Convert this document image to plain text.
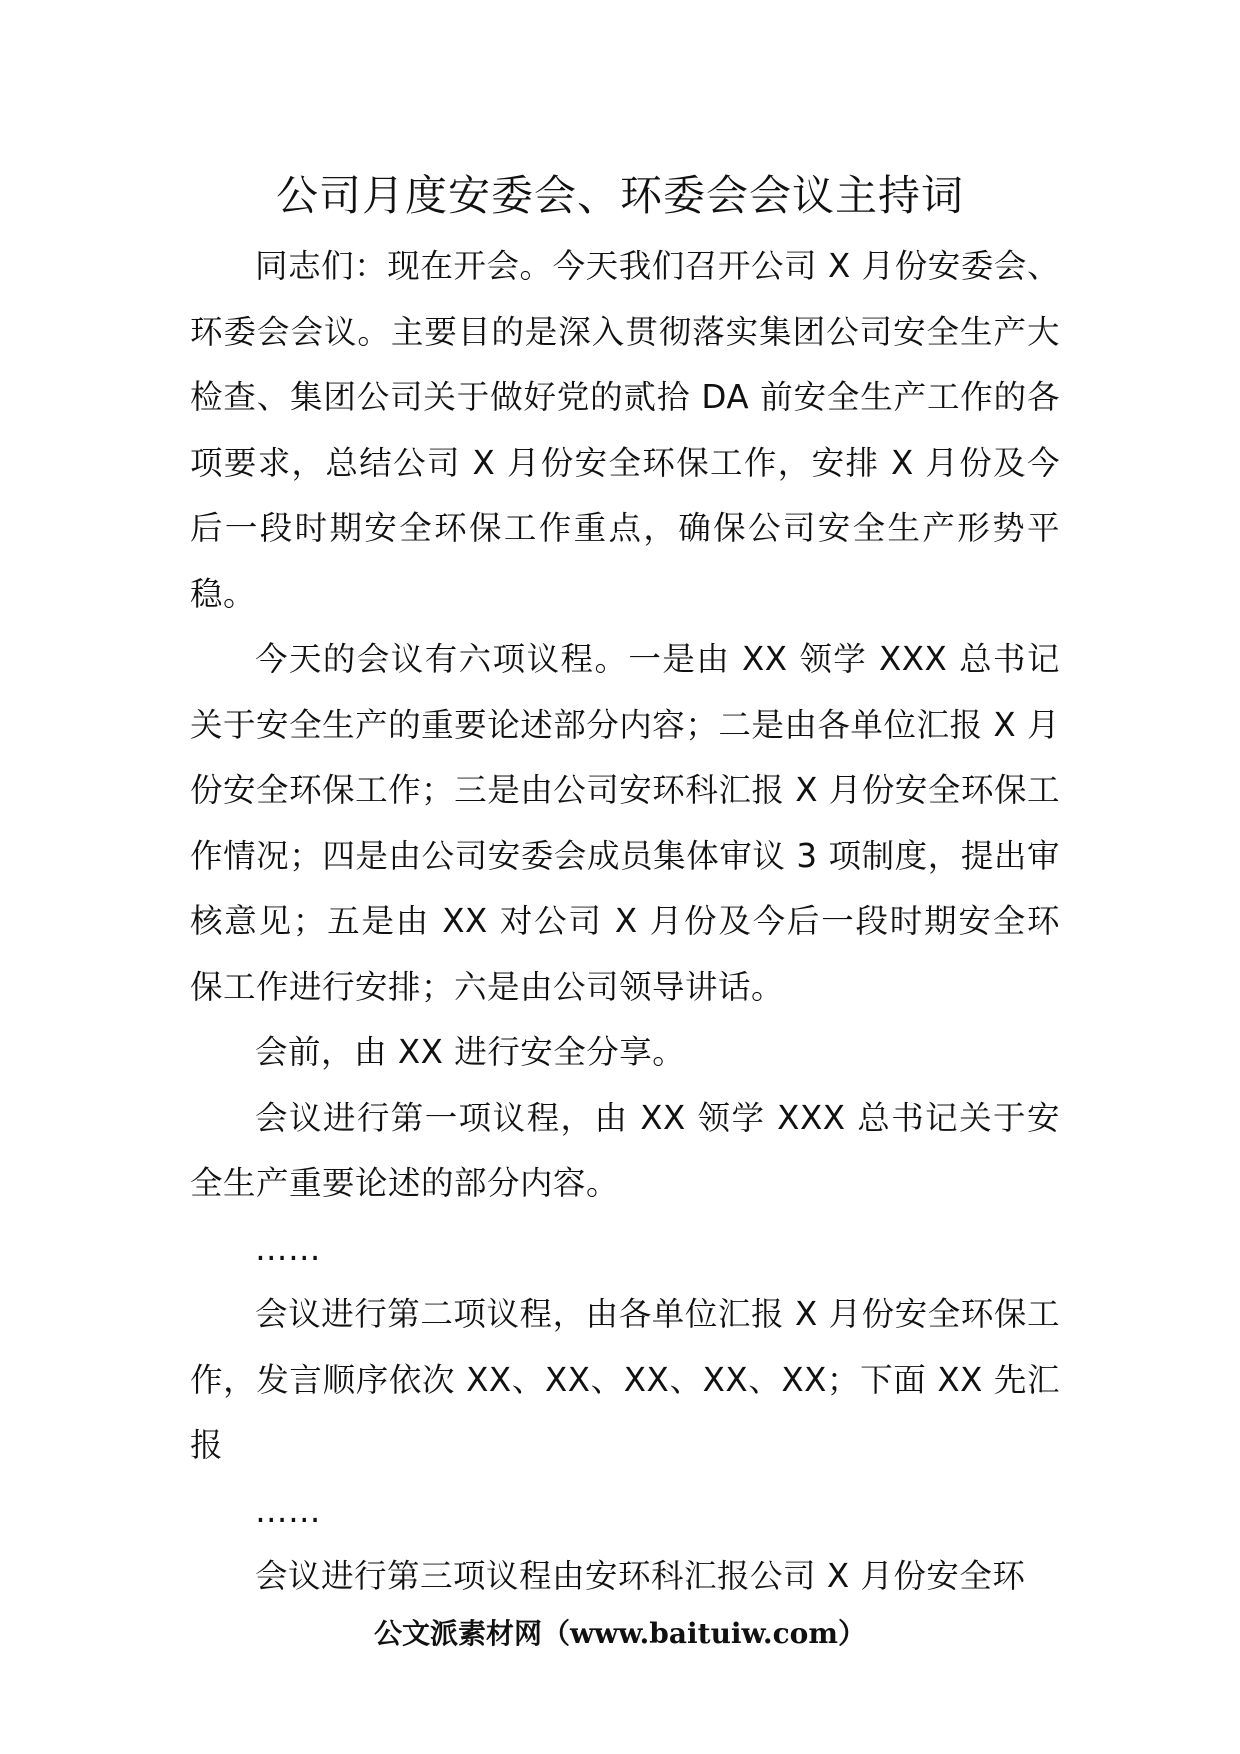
公司月度安委会、环委会会议主持词

同志们：现在开会。今天我们召开公司 X 月份安委会、环委会会议。主要目的是深入贯彻落实集团公司安全生产大检查、集团公司关于做好党的贰拾 DA 前安全生产工作的各项要求，总结公司 X 月份安全环保工作，安排 X 月份及今后一段时期安全环保工作重点，确保公司安全生产形势平稳。

今天的会议有六项议程。一是由 XX 领学 XXX 总书记关于安全生产的重要论述部分内容；二是由各单位汇报 X 月份安全环保工作；三是由公司安环科汇报 X 月份安全环保工作情况；四是由公司安委会成员集体审议 3 项制度，提出审核意见；五是由 XX 对公司 X 月份及今后一段时期安全环保工作进行安排；六是由公司领导讲话。

会前，由 XX 进行安全分享。

会议进行第一项议程，由 XX 领学 XXX 总书记关于安全生产重要论述的部分内容。

……

会议进行第二项议程，由各单位汇报 X 月份安全环保工作，发言顺序依次 XX、XX、XX、XX、XX；下面 XX 先汇报

……

会议进行第三项议程由安环科汇报公司 X 月份安全环

公文派素材网（www.baituiw.com）
